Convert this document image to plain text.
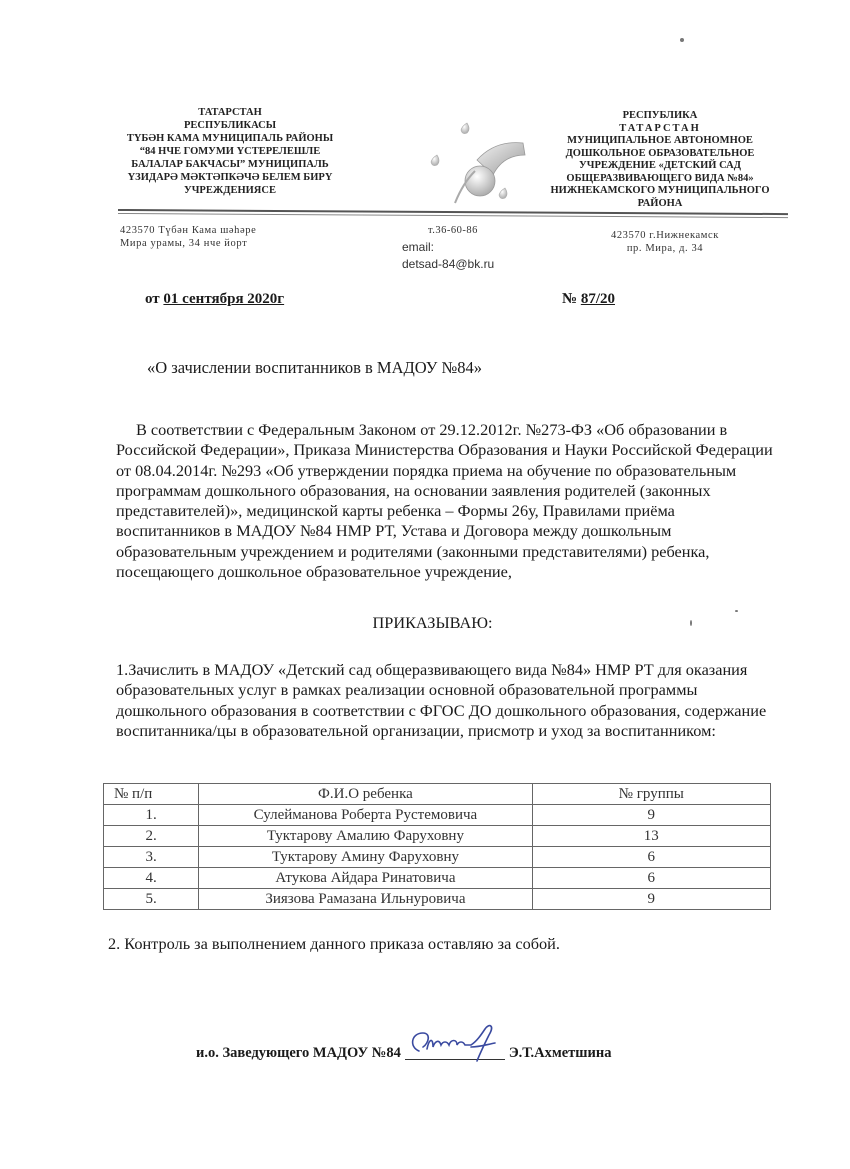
ТАТАРСТАН
РЕСПУБЛИКАСЫ
ТҮБӘН КАМА МУНИЦИПАЛЬ РАЙОНЫ
“84 НЧЕ ГОМУМИ ҮСТЕРЕЛЕШЛЕ
БАЛАЛАР БАКЧАСЫ” МУНИЦИПАЛЬ
ҮЗИДАРӘ МӘКТӘПКӘЧӘ БЕЛЕМ БИРҮ
УЧРЕЖДЕНИЯСЕ
РЕСПУБЛИКА
ТАТАРСТАН
МУНИЦИПАЛЬНОЕ АВТОНОМНОЕ
ДОШКОЛЬНОЕ ОБРАЗОВАТЕЛЬНОЕ
УЧРЕЖДЕНИЕ «ДЕТСКИЙ САД
ОБЩЕРАЗВИВАЮЩЕГО ВИДА №84»
НИЖНЕКАМСКОГО МУНИЦИПАЛЬНОГО
РАЙОНА
423570 Түбән Кама шәһәре
Мира урамы, 34 нче йорт
т.36-60-86
email:
detsad-84@bk.ru
423570 г.Нижнекамск
пр. Мира, д. 34
от 01 сентября 2020г	№ 87/20
«О зачислении воспитанников в МАДОУ №84»

В соответствии с Федеральным Законом от 29.12.2012г. №273-ФЗ «Об образовании в Российской Федерации», Приказа Министерства Образования и Науки Российской Федерации от 08.04.2014г. №293 «Об утверждении порядка приема на обучение по образовательным программам дошкольного образования, на основании заявления родителей (законных представителей)», медицинской карты ребенка – Формы 26у, Правилами приёма воспитанников в МАДОУ №84 НМР РТ, Устава и Договора между дошкольным образовательным учреждением и родителями (законными представителями) ребенка, посещающего дошкольное образовательное учреждение,

ПРИКАЗЫВАЮ:

1.Зачислить в МАДОУ «Детский сад общеразвивающего вида №84» НМР РТ для оказания образовательных услуг в рамках реализации основной образовательной программы дошкольного образования в соответствии с ФГОС ДО дошкольного образования, содержание воспитанника/цы в образовательной организации, присмотр и уход за воспитанником:

№ п/п	Ф.И.О ребенка	№ группы
1.	Сулейманова Роберта Рустемовича	9
2.	Туктарову Амалию Фаруховну	13
3.	Туктарову Амину Фаруховну	6
4.	Атукова Айдара Ринатовича	6
5.	Зиязова Рамазана Ильнуровича	9
2. Контроль за выполнением данного приказа оставляю за собой.
и.о. Заведующего МАДОУ №84	Э.Т.Ахметшина
